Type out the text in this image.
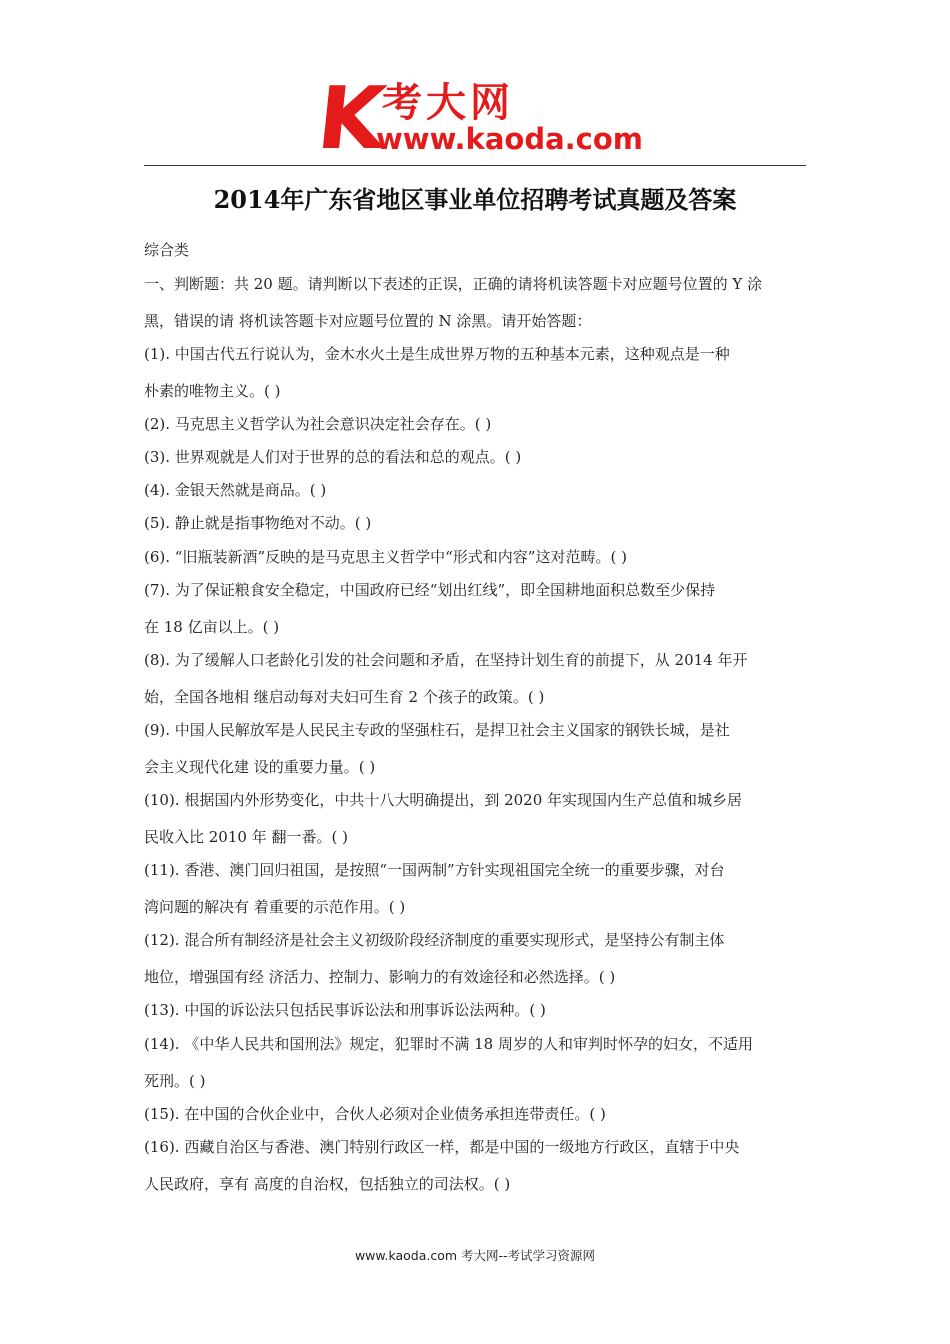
K
考大网
www.kaoda.com
2014年广东省地区事业单位招聘考试真题及答案
综合类
一、判断题：共 20 题。请判断以下表述的正误，正确的请将机读答题卡对应题号位置的 Y 涂
黑，错误的请 将机读答题卡对应题号位置的 N 涂黑。请开始答题：
(1). 中国古代五行说认为，金木水火土是生成世界万物的五种基本元素，这种观点是一种
朴素的唯物主义。( )
(2). 马克思主义哲学认为社会意识决定社会存在。( )
(3). 世界观就是人们对于世界的总的看法和总的观点。( )
(4). 金银天然就是商品。( )
(5). 静止就是指事物绝对不动。( )
(6). “旧瓶装新酒”反映的是马克思主义哲学中“形式和内容”这对范畴。( )
(7). 为了保证粮食安全稳定，中国政府已经“划出红线”，即全国耕地面积总数至少保持
在 18 亿亩以上。( )
(8). 为了缓解人口老龄化引发的社会问题和矛盾，在坚持计划生育的前提下，从 2014 年开
始，全国各地相 继启动每对夫妇可生育 2 个孩子的政策。( )
(9). 中国人民解放军是人民民主专政的坚强柱石，是捍卫社会主义国家的钢铁长城，是社
会主义现代化建 设的重要力量。( )
(10). 根据国内外形势变化，中共十八大明确提出，到 2020 年实现国内生产总值和城乡居
民收入比 2010 年 翻一番。( )
(11). 香港、澳门回归祖国，是按照“一国两制”方针实现祖国完全统一的重要步骤，对台
湾问题的解决有 着重要的示范作用。( )
(12). 混合所有制经济是社会主义初级阶段经济制度的重要实现形式，是坚持公有制主体
地位，增强国有经 济活力、控制力、影响力的有效途径和必然选择。( )
(13). 中国的诉讼法只包括民事诉讼法和刑事诉讼法两种。( )
(14). 《中华人民共和国刑法》规定，犯罪时不满 18 周岁的人和审判时怀孕的妇女，不适用
死刑。( )
(15). 在中国的合伙企业中，合伙人必须对企业债务承担连带责任。( )
(16). 西藏自治区与香港、澳门特别行政区一样，都是中国的一级地方行政区，直辖于中央
人民政府，享有 高度的自治权，包括独立的司法权。( )
www.kaoda.com 考大网--考试学习资源网
